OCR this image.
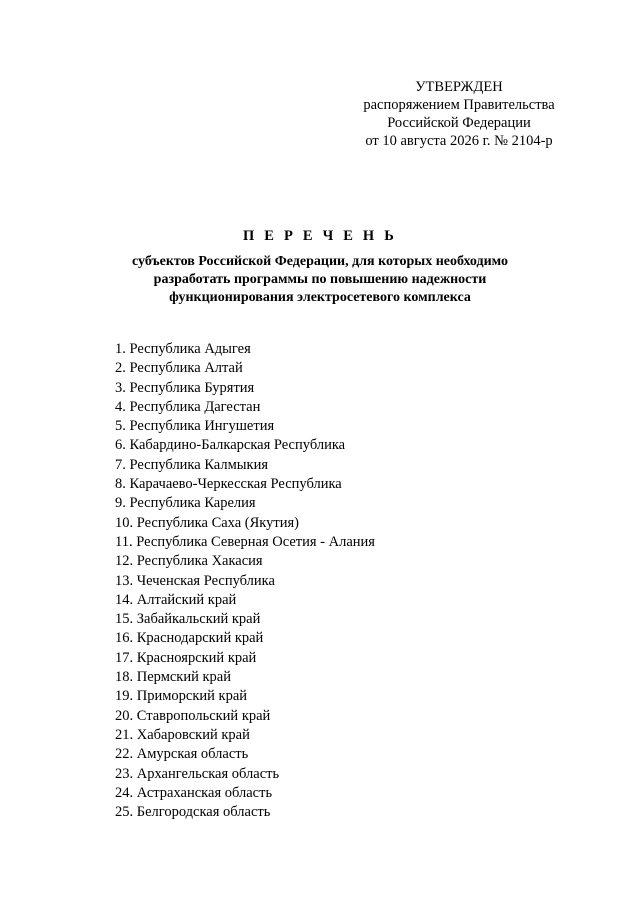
УТВЕРЖДЕН
распоряжением Правительства
Российской Федерации
от 10 августа 2026 г. № 2104-р
П Е Р Е Ч Е Н Ь
субъектов Российской Федерации, для которых необходимо
разработать программы по повышению надежности
функционирования электросетевого комплекса
1. Республика Адыгея
2. Республика Алтай
3. Республика Бурятия
4. Республика Дагестан
5. Республика Ингушетия
6. Кабардино-Балкарская Республика
7. Республика Калмыкия
8. Карачаево-Черкесская Республика
9. Республика Карелия
10. Республика Саха (Якутия)
11. Республика Северная Осетия - Алания
12. Республика Хакасия
13. Чеченская Республика
14. Алтайский край
15. Забайкальский край
16. Краснодарский край
17. Красноярский край
18. Пермский край
19. Приморский край
20. Ставропольский край
21. Хабаровский край
22. Амурская область
23. Архангельская область
24. Астраханская область
25. Белгородская область
